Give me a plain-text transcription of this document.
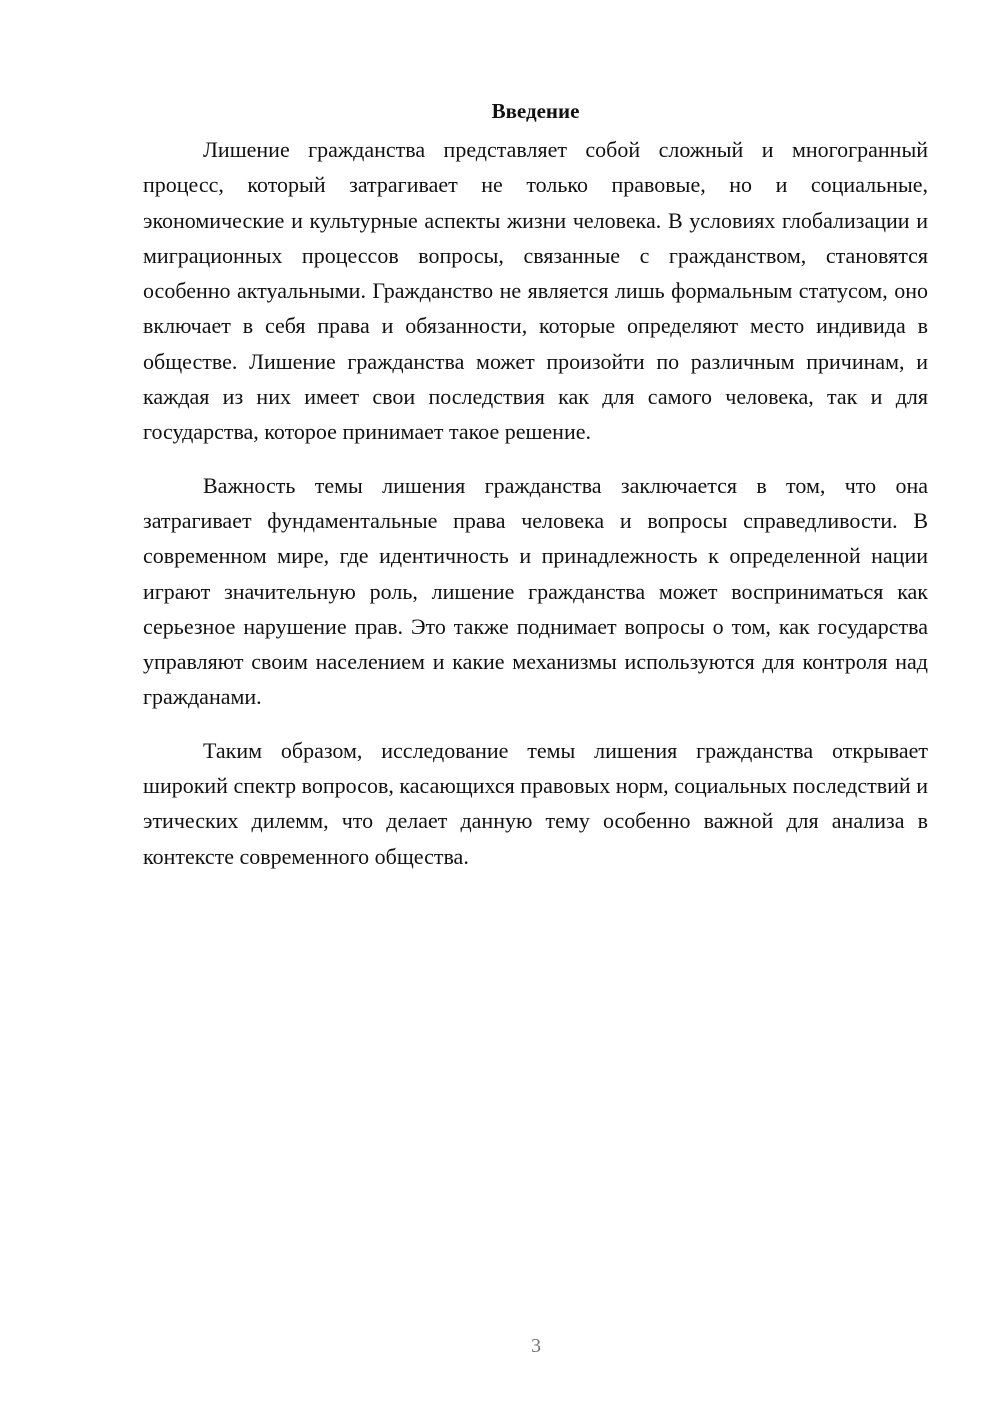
Введение

Лишение гражданства представляет собой сложный и многогранный процесс, который затрагивает не только правовые, но и социальные, экономические и культурные аспекты жизни человека. В условиях глобализации и миграционных процессов вопросы, связанные с гражданством, становятся особенно актуальными. Гражданство не является лишь формальным статусом, оно включает в себя права и обязанности, которые определяют место индивида в обществе. Лишение гражданства может произойти по различным причинам, и каждая из них имеет свои последствия как для самого человека, так и для государства, которое принимает такое решение.

Важность темы лишения гражданства заключается в том, что она затрагивает фундаментальные права человека и вопросы справедливости. В современном мире, где идентичность и принадлежность к определенной нации играют значительную роль, лишение гражданства может восприниматься как серьезное нарушение прав. Это также поднимает вопросы о том, как государства управляют своим населением и какие механизмы используются для контроля над гражданами.

Таким образом, исследование темы лишения гражданства открывает широкий спектр вопросов, касающихся правовых норм, социальных последствий и этических дилемм, что делает данную тему особенно важной для анализа в контексте современного общества.

3
